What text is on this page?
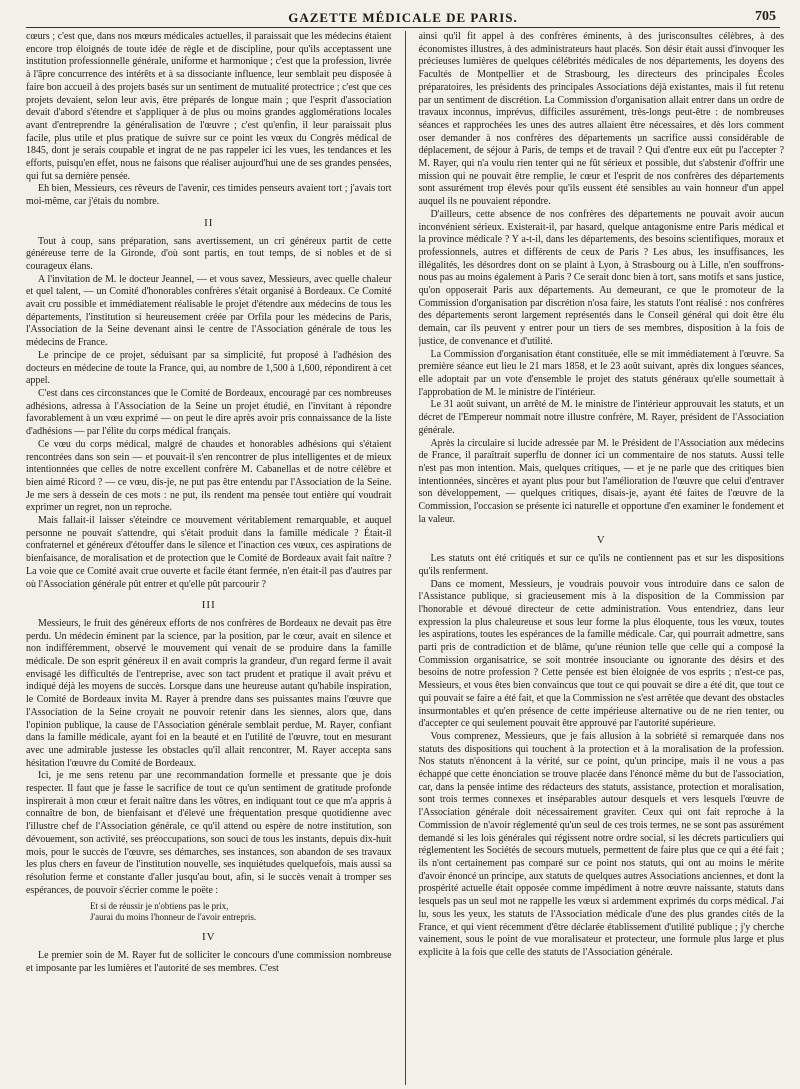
GAZETTE MÉDICALE DE PARIS.	705

cœurs ; c'est que, dans nos mœurs médicales actuelles, il paraissait que les médecins étaient encore trop éloignés de toute idée de règle et de discipline, pour qu'ils acceptassent une institution professionnelle générale, uniforme et harmonique ; c'est que la profession, livrée à l'âpre concurrence des intérêts et à sa dissociante influence, leur semblait peu disposée à faire bon accueil à des projets basés sur un sentiment de mutualité protectrice ; c'est que ces projets devaient, selon leur avis, être préparés de longue main ; que l'esprit d'association devait d'abord s'étendre et s'appliquer à de plus ou moins grandes agglomérations locales avant d'entreprendre la généralisation de l'œuvre ; c'est qu'enfin, il leur paraissait plus facile, plus utile et plus pratique de suivre sur ce point les vœux du Congrès médical de 1845, dont je serais coupable et ingrat de ne pas rappeler ici les vues, les tendances et les efforts, puisqu'en effet, nous ne faisons que réaliser aujourd'hui une de ses grandes pensées, qui fut sa dernière pensée.

Eh bien, Messieurs, ces rêveurs de l'avenir, ces timides penseurs avaient tort ; j'avais tort moi-même, car j'étais du nombre.

II

Tout à coup, sans préparation, sans avertissement, un cri généreux partit de cette généreuse terre de la Gironde, d'où sont partis, en tout temps, de si nobles et de si courageux élans.

A l'invitation de M. le docteur Jeannel, — et vous savez, Messieurs, avec quelle chaleur et quel talent, — un Comité d'honorables confrères s'était organisé à Bordeaux. Ce Comité avait cru possible et immédiatement réalisable le projet d'étendre aux médecins de tous les départements, l'institution si heureusement créée par Orfila pour les médecins de Paris, l'Association de la Seine devenant ainsi le centre de l'Association générale de tous les médecins de France.

Le principe de ce projet, séduisant par sa simplicité, fut proposé à l'adhésion des docteurs en médecine de toute la France, qui, au nombre de 1,500 à 1,600, répondirent à cet appel.

C'est dans ces circonstances que le Comité de Bordeaux, encouragé par ces nombreuses adhésions, adressa à l'Association de la Seine un projet étudié, en l'invitant à répondre favorablement à un vœu exprimé — on peut le dire après avoir pris connaissance de la liste d'adhésions — par l'élite du corps médical français.

Ce vœu du corps médical, malgré de chaudes et honorables adhésions qui s'étaient rencontrées dans son sein — et pouvait-il s'en rencontrer de plus intelligentes et de mieux intentionnées que celles de notre excellent confrère M. Cabanellas et de notre célèbre et bien aimé Ricord ? — ce vœu, dis-je, ne put pas être entendu par l'Association de la Seine. Je me sers à dessein de ces mots : ne put, ils rendent ma pensée tout entière qui voudrait exprimer un regret, non un reproche.

Mais fallait-il laisser s'éteindre ce mouvement véritablement remarquable, et auquel personne ne pouvait s'attendre, qui s'était produit dans la famille médicale ? Était-il confraternel et généreux d'étouffer dans le silence et l'inaction ces vœux, ces aspirations de bienfaisance, de moralisation et de protection que le Comité de Bordeaux avait fait naître ? La voie que ce Comité avait crue ouverte et facile étant fermée, n'en était-il pas d'autres par où l'Association générale pût entrer et qu'elle pût parcourir ?

III

Messieurs, le fruit des généreux efforts de nos confrères de Bordeaux ne devait pas être perdu. Un médecin éminent par la science, par la position, par le cœur, avait en silence et non indifféremment, observé le mouvement qui venait de se produire dans la famille médicale. De son esprit généreux il en avait compris la grandeur, d'un regard ferme il avait envisagé les difficultés de l'entreprise, avec son tact prudent et pratique il avait prévu et indiqué déjà les moyens de succès. Lorsque dans une heureuse autant qu'habile inspiration, le Comité de Bordeaux invita M. Rayer à prendre dans ses puissantes mains l'œuvre que l'Association de la Seine croyait ne pouvoir retenir dans les siennes, alors que, dans l'opinion publique, la cause de l'Association générale semblait perdue, M. Rayer, confiant dans la famille médicale, ayant foi en la beauté et en l'utilité de l'œuvre, tout en mesurant avec une admirable justesse les obstacles qu'il allait rencontrer, M. Rayer accepta sans hésitation l'œuvre du Comité de Bordeaux.

Ici, je me sens retenu par une recommandation formelle et pressante que je dois respecter. Il faut que je fasse le sacrifice de tout ce qu'un sentiment de gratitude profonde inspirerait à mon cœur et ferait naître dans les vôtres, en indiquant tout ce que m'a appris à connaître de bon, de bienfaisant et d'élevé une fréquentation presque quotidienne avec l'illustre chef de l'Association générale, ce qu'il attend ou espère de notre institution, son dévouement, son activité, ses préoccupations, son souci de tous les instants, depuis dix-huit mois, pour le succès de l'œuvre, ses démarches, ses instances, son abandon de ses travaux les plus chers en faveur de l'institution nouvelle, ses inquiétudes quelquefois, mais aussi sa résolution ferme et constante d'aller jusqu'au bout, afin, si le succès venait à tromper ses espérances, de pouvoir s'écrier comme le poëte :

Et si de réussir je n'obtiens pas le prix,
J'aurai du moins l'honneur de l'avoir entrepris.
IV

Le premier soin de M. Rayer fut de solliciter le concours d'une commission nombreuse et imposante par les lumières et l'autorité de ses membres. C'est

ainsi qu'il fit appel à des confrères éminents, à des jurisconsultes célèbres, à des économistes illustres, à des administrateurs haut placés. Son désir était aussi d'invoquer les précieuses lumières de quelques célébrités médicales de nos départements, les doyens des Facultés de Montpellier et de Strasbourg, les directeurs des principales Écoles préparatoires, les présidents des principales Associations déjà existantes, mais il fut retenu par un sentiment de discrétion. La Commission d'organisation allait entrer dans un ordre de travaux inconnus, imprévus, difficiles assurément, très-longs peut-être : de nombreuses séances et rapprochées les unes des autres allaient être nécessaires, et dès lors comment oser demander à nos confrères des départements un sacrifice aussi considérable de déplacement, de séjour à Paris, de temps et de travail ? Qui d'entre eux eût pu l'accepter ? M. Rayer, qui n'a voulu rien tenter qui ne fût sérieux et possible, dut s'abstenir d'offrir une mission qui ne pouvait être remplie, le cœur et l'esprit de nos confrères des départements sont assurément trop élevés pour qu'ils eussent été sensibles au vain honneur d'un appel auquel ils ne pouvaient répondre.

D'ailleurs, cette absence de nos confrères des départements ne pouvait avoir aucun inconvénient sérieux. Existerait-il, par hasard, quelque antagonisme entre Paris médical et la province médicale ? Y a-t-il, dans les départements, des besoins scientifiques, moraux et professionnels, autres et différents de ceux de Paris ? Les abus, les insuffisances, les illégalités, les désordres dont on se plaint à Lyon, à Strasbourg ou à Lille, n'en souffrons-nous pas au moins également à Paris ? Ce serait donc bien à tort, sans motifs et sans justice, qu'on opposerait Paris aux départements. Au demeurant, ce que le promoteur de la Commission d'organisation par discrétion n'osa faire, les statuts l'ont réalisé : nos confrères des départements seront largement représentés dans le Conseil général qui doit être élu demain, car ils peuvent y entrer pour un tiers de ses membres, disposition à la fois de justice, de convenance et d'utilité.

La Commission d'organisation étant constituée, elle se mit immédiatement à l'œuvre. Sa première séance eut lieu le 21 mars 1858, et le 23 août suivant, après dix longues séances, elle adoptait par un vote d'ensemble le projet des statuts généraux qu'elle soumettait à l'approbation de M. le ministre de l'intérieur.

Le 31 août suivant, un arrêté de M. le ministre de l'intérieur approuvait les statuts, et un décret de l'Empereur nommait notre illustre confrère, M. Rayer, président de l'Association générale.

Après la circulaire si lucide adressée par M. le Président de l'Association aux médecins de France, il paraîtrait superflu de donner ici un commentaire de nos statuts. Aussi telle n'est pas mon intention. Mais, quelques critiques, — et je ne parle que des critiques bien intentionnées, sincères et ayant plus pour but l'amélioration de l'œuvre que celui d'entraver son développement, — quelques critiques, disais-je, ayant été faites de l'œuvre de la Commission, l'occasion se présente ici naturelle et opportune d'en examiner le fondement et la valeur.

V

Les statuts ont été critiqués et sur ce qu'ils ne contiennent pas et sur les dispositions qu'ils renferment.

Dans ce moment, Messieurs, je voudrais pouvoir vous introduire dans ce salon de l'Assistance publique, si gracieusement mis à la disposition de la Commission par l'honorable et dévoué directeur de cette administration. Vous entendriez, dans leur expression la plus chaleureuse et sous leur forme la plus éloquente, tous les vœux, toutes les aspirations, toutes les espérances de la famille médicale. Car, qui pourrait admettre, sans parti pris de contradiction et de blâme, qu'une réunion telle que celle qui a composé la Commission organisatrice, se soit montrée insouciante ou ignorante des désirs et des besoins de notre profession ? Cette pensée est bien éloignée de vos esprits ; n'est-ce pas, Messieurs, et vous êtes bien convaincus que tout ce qui pouvait se dire a été dit, que tout ce qui pouvait se faire a été fait, et que la Commission ne s'est arrêtée que devant des obstacles insurmontables et qu'en présence de cette impérieuse alternative ou de ne rien tenter, ou d'accepter ce qui seulement pouvait être approuvé par l'autorité supérieure.

Vous comprenez, Messieurs, que je fais allusion à la sobriété si remarquée dans nos statuts des dispositions qui touchent à la protection et à la moralisation de la profession. Nos statuts n'énoncent à la vérité, sur ce point, qu'un principe, mais il ne vous a pas échappé que cette énonciation se trouve placée dans l'énoncé même du but de l'association, car, dans la pensée intime des rédacteurs des statuts, assistance, protection et moralisation, sont trois termes connexes et inséparables autour desquels et vers lesquels l'œuvre de l'Association générale doit nécessairement graviter. Ceux qui ont fait reproche à la Commission de n'avoir réglementé qu'un seul de ces trois termes, ne se sont pas assurément demandé si les lois générales qui régissent notre ordre social, si les décrets particuliers qui réglementent les Sociétés de secours mutuels, permettent de faire plus que ce qui a été fait ; ils n'ont certainement pas comparé sur ce point nos statuts, qui ont au moins le mérite d'avoir énoncé un principe, aux statuts de quelques autres Associations anciennes, et dont la prospérité actuelle était opposée comme impédiment à notre œuvre naissante, statuts dans lesquels pas un seul mot ne rappelle les vœux si ardemment exprimés du corps médical. J'ai lu, sous les yeux, les statuts de l'Association médicale d'une des plus grandes cités de la France, et qui vient récemment d'être déclarée établissement d'utilité publique ; j'y cherche vainement, sous le point de vue moralisateur et protecteur, une formule plus large et plus explicite à la fois que celle des statuts de l'Association générale.
